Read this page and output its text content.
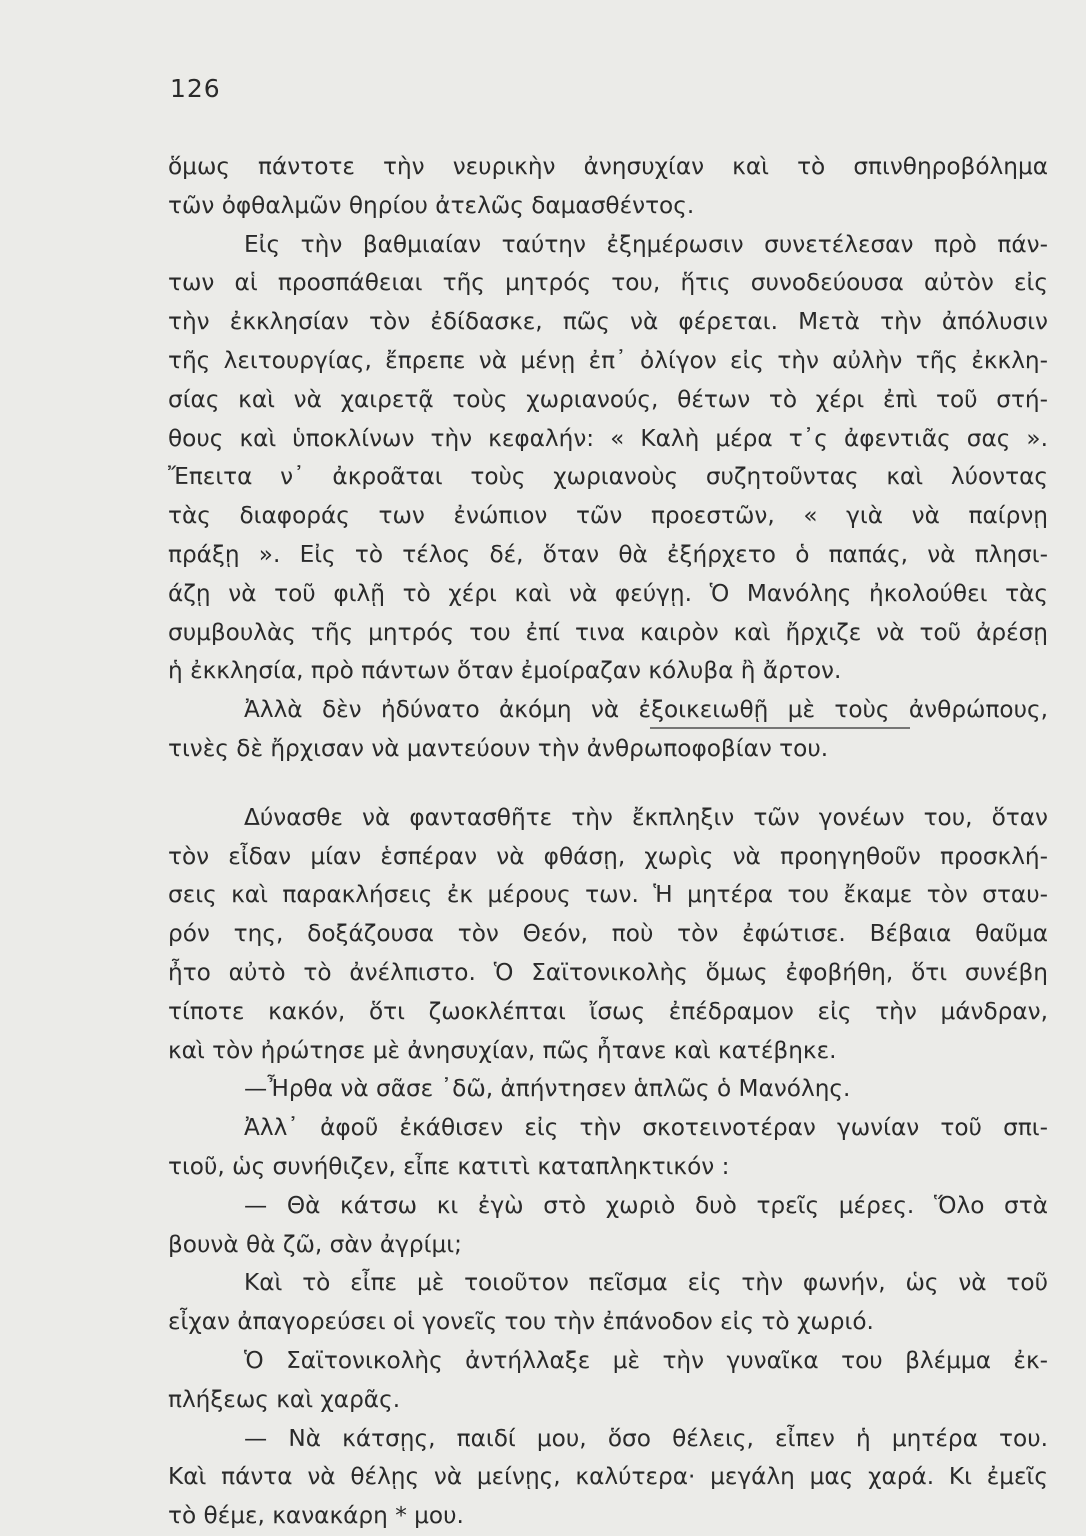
126
ὅμως πάντοτε τὴν νευρικὴν ἀνησυχίαν καὶ τὸ σπινθηροβόλημα
τῶν ὀφθαλμῶν θηρίου ἀτελῶς δαμασθέντος.
Εἰς τὴν βαθμιαίαν ταύτην ἐξημέρωσιν συνετέλεσαν πρὸ πάν-
των αἱ προσπάθειαι τῆς μητρός του, ἥτις συνοδεύουσα αὐτὸν εἰς
τὴν ἐκκλησίαν τὸν ἐδίδασκε, πῶς νὰ φέρεται. Μετὰ τὴν ἀπόλυσιν
τῆς λειτουργίας, ἔπρεπε νὰ μένῃ ἐπ᾽ ὀλίγον εἰς τὴν αὐλὴν τῆς ἐκκλη-
σίας καὶ νὰ χαιρετᾷ τοὺς χωριανούς, θέτων τὸ χέρι ἐπὶ τοῦ στή-
θους καὶ ὑποκλίνων τὴν κεφαλήν: « Καλὴ μέρα τ᾽ς ἀφεντιᾶς σας ».
Ἔπειτα ν᾽ ἀκροᾶται τοὺς χωριανοὺς συζητοῦντας καὶ λύοντας
τὰς διαφοράς των ἐνώπιον τῶν προεστῶν, « γιὰ νὰ παίρνῃ
πράξῃ ». Εἰς τὸ τέλος δέ, ὅταν θὰ ἐξήρχετο ὁ παπάς, νὰ πλησι-
άζῃ νὰ τοῦ φιλῇ τὸ χέρι καὶ νὰ φεύγῃ. Ὁ Μανόλης ἠκολούθει τὰς
συμβουλὰς τῆς μητρός του ἐπί τινα καιρὸν καὶ ἤρχιζε νὰ τοῦ ἀρέσῃ
ἡ ἐκκλησία, πρὸ πάντων ὅταν ἐμοίραζαν κόλυβα ἢ ἄρτον.
Ἀλλὰ δὲν ἠδύνατο ἀκόμη νὰ ἐξοικειωθῇ μὲ τοὺς ἀνθρώπους,
τινὲς δὲ ἤρχισαν νὰ μαντεύουν τὴν ἀνθρωποφοβίαν του.
Δύνασθε νὰ φαντασθῆτε τὴν ἔκπληξιν τῶν γονέων του, ὅταν
τὸν εἶδαν μίαν ἑσπέραν νὰ φθάσῃ, χωρὶς νὰ προηγηθοῦν προσκλή-
σεις καὶ παρακλήσεις ἐκ μέρους των. Ἡ μητέρα του ἔκαμε τὸν σταυ-
ρόν της, δοξάζουσα τὸν Θεόν, ποὺ τὸν ἐφώτισε. Βέβαια θαῦμα
ἦτο αὐτὸ τὸ ἀνέλπιστο. Ὁ Σαϊτονικολὴς ὅμως ἐφοβήθη, ὅτι συνέβη
τίποτε κακόν, ὅτι ζωοκλέπται ἴσως ἐπέδραμον εἰς τὴν μάνδραν,
καὶ τὸν ἠρώτησε μὲ ἀνησυχίαν, πῶς ἦτανε καὶ κατέβηκε.
—Ἦρθα νὰ σᾶσε ᾽δῶ, ἀπήντησεν ἁπλῶς ὁ Μανόλης.
Ἀλλ᾽ ἀφοῦ ἐκάθισεν εἰς τὴν σκοτεινοτέραν γωνίαν τοῦ σπι-
τιοῦ, ὡς συνήθιζεν, εἶπε κατιτὶ καταπληκτικόν :
— Θὰ κάτσω κι ἐγὼ στὸ χωριὸ δυὸ τρεῖς μέρες. Ὅλο στὰ
βουνὰ θὰ ζῶ, σὰν ἀγρίμι;
Καὶ τὸ εἶπε μὲ τοιοῦτον πεῖσμα εἰς τὴν φωνήν, ὡς νὰ τοῦ
εἶχαν ἀπαγορεύσει οἱ γονεῖς του τὴν ἐπάνοδον εἰς τὸ χωριό.
Ὁ Σαϊτονικολὴς ἀντήλλαξε μὲ τὴν γυναῖκα του βλέμμα ἐκ-
πλήξεως καὶ χαρᾶς.
— Νὰ κάτσῃς, παιδί μου, ὅσο θέλεις, εἶπεν ἡ μητέρα του.
Καὶ πάντα νὰ θέλῃς νὰ μείνῃς, καλύτερα· μεγάλη μας χαρά. Κι ἐμεῖς
τὸ θέμε, κανακάρη * μου.
